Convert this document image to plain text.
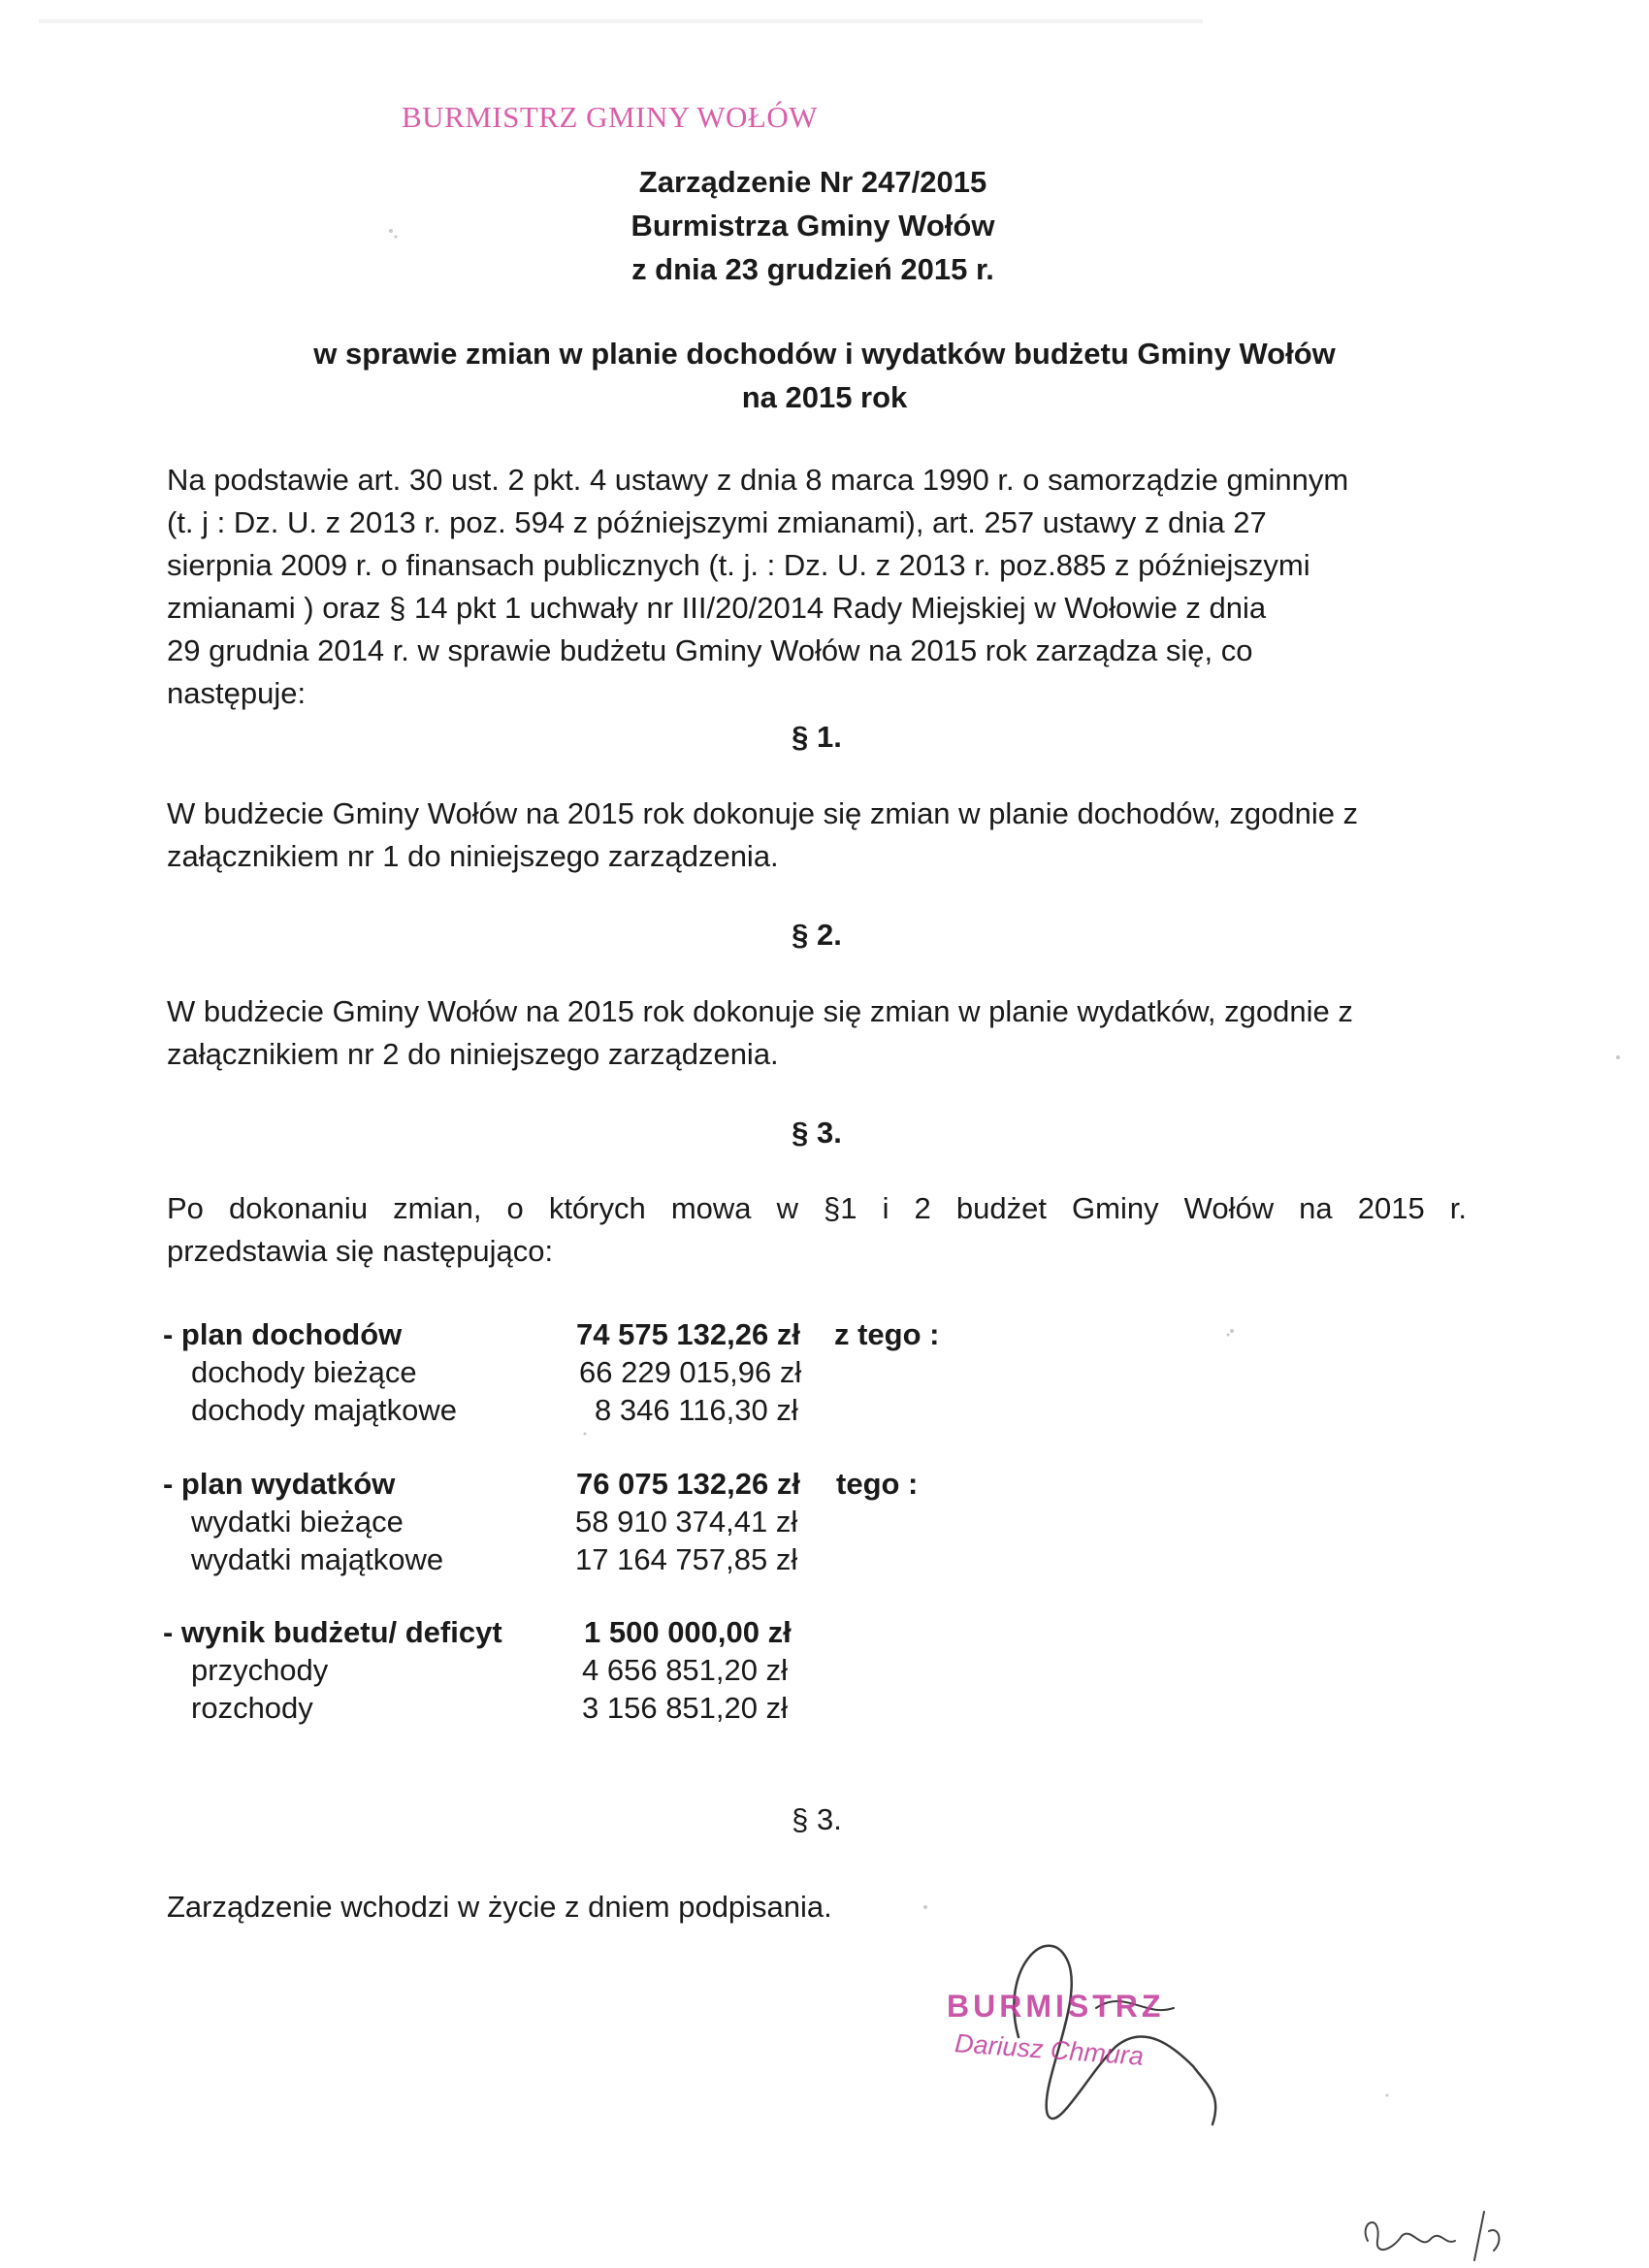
BURMISTRZ GMINY WOŁÓW
Zarządzenie Nr 247/2015
Burmistrza Gminy Wołów
z dnia 23 grudzień 2015 r.
w sprawie zmian w planie dochodów i wydatków budżetu Gminy Wołów
na 2015 rok
Na podstawie art. 30 ust. 2 pkt. 4 ustawy z dnia 8 marca 1990 r. o samorządzie gminnym
(t. j : Dz. U. z 2013 r. poz. 594 z późniejszymi zmianami), art. 257 ustawy z dnia 27
sierpnia 2009 r. o finansach publicznych (t. j. : Dz. U. z 2013 r. poz.885 z późniejszymi
zmianami ) oraz § 14 pkt 1 uchwały nr III/20/2014 Rady Miejskiej w Wołowie z dnia
29 grudnia 2014 r. w sprawie budżetu Gminy Wołów na 2015 rok zarządza się, co
następuje:
§ 1.
W budżecie Gminy Wołów na 2015 rok dokonuje się zmian w planie dochodów, zgodnie z
załącznikiem nr 1 do niniejszego zarządzenia.
§ 2.
W budżecie Gminy Wołów na 2015 rok dokonuje się zmian w planie wydatków, zgodnie z
załącznikiem nr 2 do niniejszego zarządzenia.
§ 3.
Po dokonaniu zmian, o których mowa w §1 i 2 budżet Gminy Wołów na 2015 r.
przedstawia się następująco:
- plan dochodów	74 575 132,26 zł z tego :
dochody bieżące	66 229 015,96 zł
dochody majątkowe	8 346 116,30 zł
- plan wydatków	76 075 132,26 zł tego :
wydatki bieżące	58 910 374,41 zł
wydatki majątkowe	17 164 757,85 zł
- wynik budżetu/ deficyt	1 500 000,00 zł
przychody	4 656 851,20 zł
rozchody	3 156 851,20 zł
§ 3.
Zarządzenie wchodzi w życie z dniem podpisania.
BURMISTRZ
Dariusz Chmura
